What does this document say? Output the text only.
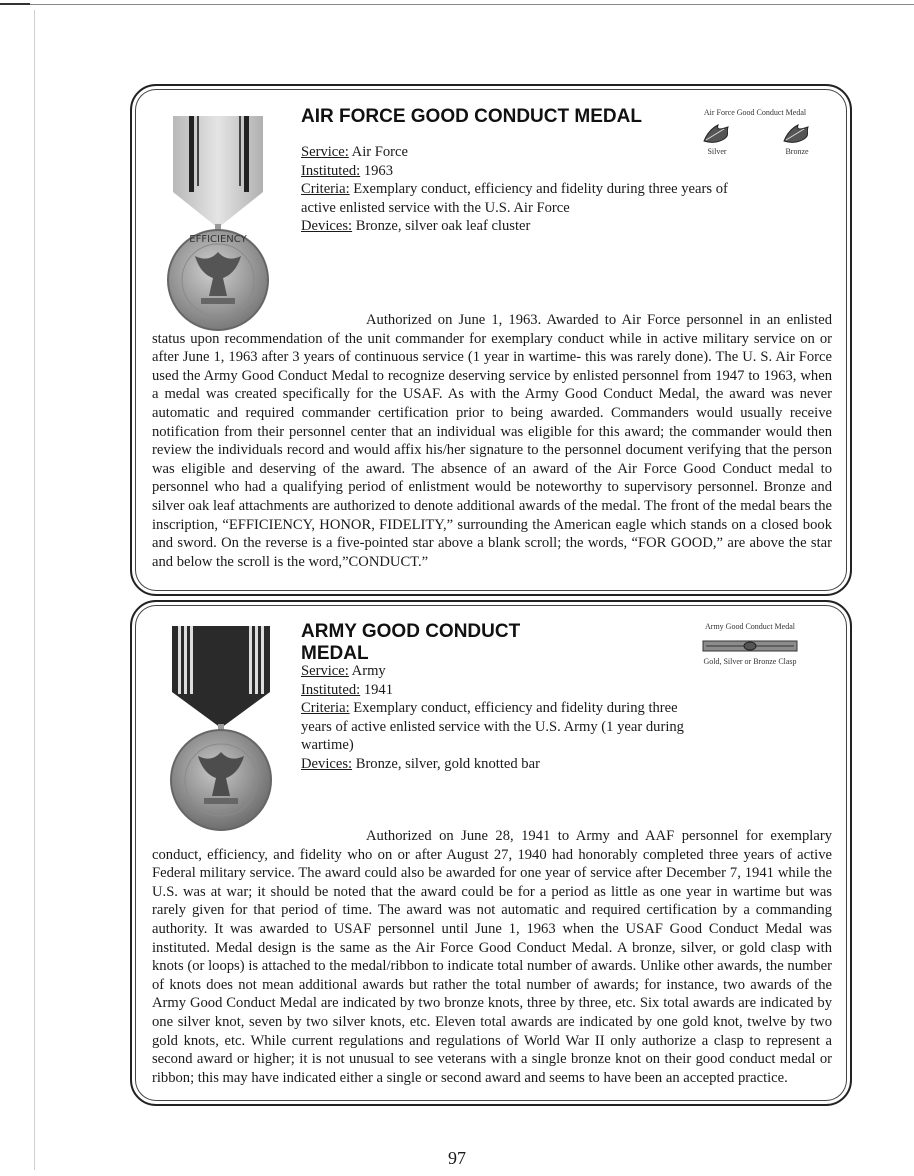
EFFICIENCY
AIR FORCE GOOD CONDUCT MEDAL
Service: Air Force
Instituted: 1963
Criteria: Exemplary conduct, efficiency and fidelity during three years of active enlisted service with the U.S. Air Force
Devices: Bronze, silver oak leaf cluster
Air Force Good Conduct Medal
Silver	Bronze

Authorized on June 1, 1963. Awarded to Air Force personnel in an enlisted status upon recommendation of the unit commander for exemplary conduct while in active military service on or after June 1, 1963 after 3 years of continuous service (1 year in wartime- this was rarely done). The U. S. Air Force used the Army Good Conduct Medal to recognize deserving service by enlisted personnel from 1947 to 1963, when a medal was created specifically for the USAF. As with the Army Good Conduct Medal, the award was never automatic and required commander certification prior to being awarded. Commanders would usually receive notification from their personnel center that an individual was eligible for this award; the commander would then review the individuals record and would affix his/her signature to the personnel document verifying that the person was eligible and deserving of the award. The absence of an award of the Air Force Good Conduct medal to personnel who had a qualifying period of enlistment would be noteworthy to supervisory personnel. Bronze and silver oak leaf attachments are authorized to denote additional awards of the medal. The front of the medal bears the inscription, “EFFICIENCY, HONOR, FIDELITY,” surrounding the American eagle which stands on a closed book and sword. On the reverse is a five-pointed star above a blank scroll; the words, “FOR GOOD,” are above the star and below the scroll is the word,”CONDUCT.”

ARMY GOOD CONDUCT MEDAL
Service: Army
Instituted: 1941
Criteria: Exemplary conduct, efficiency and fidelity during three years of active enlisted service with the U.S. Army (1 year during wartime)
Devices: Bronze, silver, gold knotted bar
Army Good Conduct Medal
Gold, Silver or Bronze Clasp

Authorized on June 28, 1941 to Army and AAF personnel for exemplary conduct, efficiency, and fidelity who on or after August 27, 1940 had honorably completed three years of active Federal military service. The award could also be awarded for one year of service after December 7, 1941 while the U.S. was at war; it should be noted that the award could be for a period as little as one year in wartime but was rarely given for that period of time. The award was not automatic and required certification by a commanding authority. It was awarded to USAF personnel until June 1, 1963 when the USAF Good Conduct Medal was instituted. Medal design is the same as the Air Force Good Conduct Medal. A bronze, silver, or gold clasp with knots (or loops) is attached to the medal/ribbon to indicate total number of awards. Unlike other awards, the number of knots does not mean additional awards but rather the total number of awards; for instance, two awards of the Army Good Conduct Medal are indicated by two bronze knots, three by three, etc. Six total awards are indicated by one silver knot, seven by two silver knots, etc. Eleven total awards are indicated by one gold knot, twelve by two gold knots, etc. While current regulations and regulations of World War II only authorize a clasp to represent a second award or higher; it is not unusual to see veterans with a single bronze knot on their good conduct medal or ribbon; this may have indicated either a single or second award and seems to have been an accepted practice.

97
